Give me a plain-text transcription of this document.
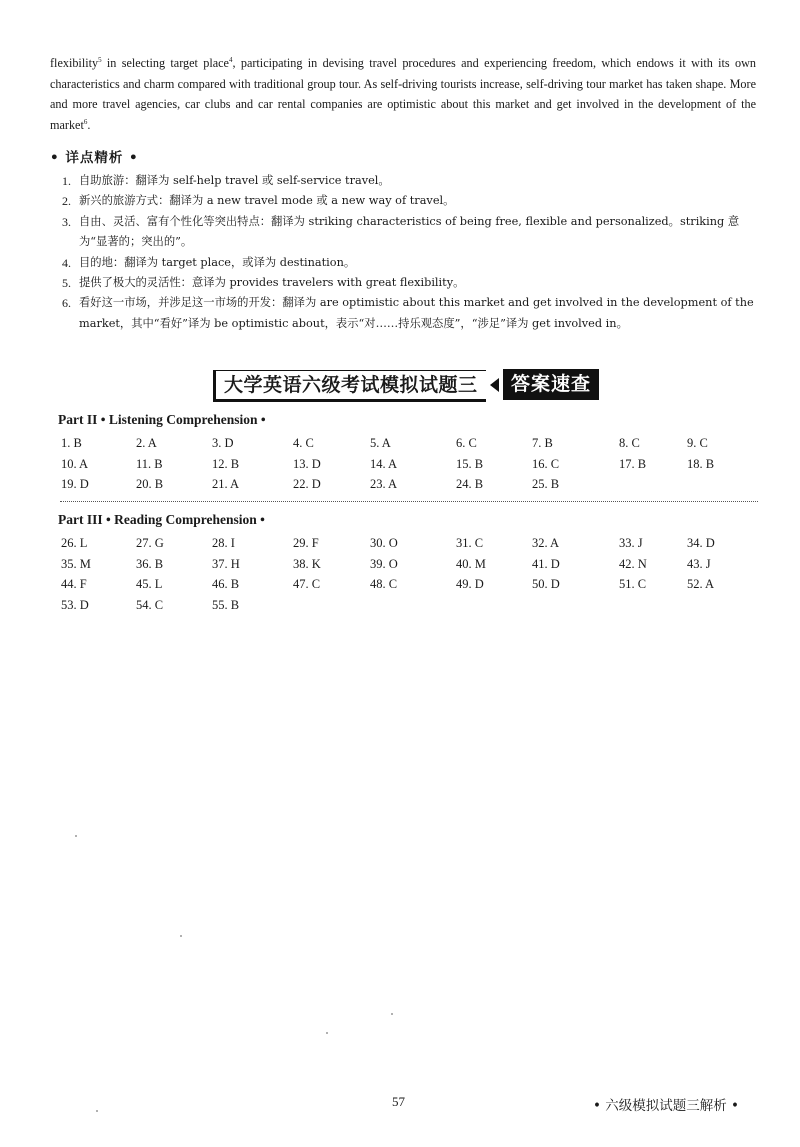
flexibility$^5$ in selecting target place$^4$, participating in devising travel procedures and experiencing freedom, which endows it with its own characteristics and charm compared with traditional group tour. As self-driving tourists increase, self-driving tour market has taken shape. More and more travel agencies, car clubs and car rental companies are optimistic about this market and get involved in the development of the market$^6$.

• 详点精析 •
1. 自助旅游：翻译为 self-help travel 或 self-service travel。
2. 新兴的旅游方式：翻译为 a new travel mode 或 a new way of travel。
3. 自由、灵活、富有个性化等突出特点：翻译为 striking characteristics of being free, flexible and personalized。striking 意为“显著的；突出的”。
4. 目的地：翻译为 target place，或译为 destination。
5. 提供了极大的灵活性：意译为 provides travelers with great flexibility。
6. 看好这一市场，并涉足这一市场的开发：翻译为 are optimistic about this market and get involved in the development of the market，其中“看好”译为 be optimistic about，表示“对……持乐观态度”，“涉足”译为 get involved in。
大学英语六级考试模拟试题三	答案速查
Part II • Listening Comprehension •
1. B	2. A	3. D	4. C	5. A	6. C	7. B	8. C	9. C
10. A	11. B	12. B	13. D	14. A	15. B	16. C	17. B	18. B
19. D	20. B	21. A	22. D	23. A	24. B	25. B
Part III • Reading Comprehension •
26. L	27. G	28. I	29. F	30. O	31. C	32. A	33. J	34. D
35. M	36. B	37. H	38. K	39. O	40. M	41. D	42. N	43. J
44. F	45. L	46. B	47. C	48. C	49. D	50. D	51. C	52. A
53. D	54. C	55. B
57	• 六级模拟试题三解析 •
